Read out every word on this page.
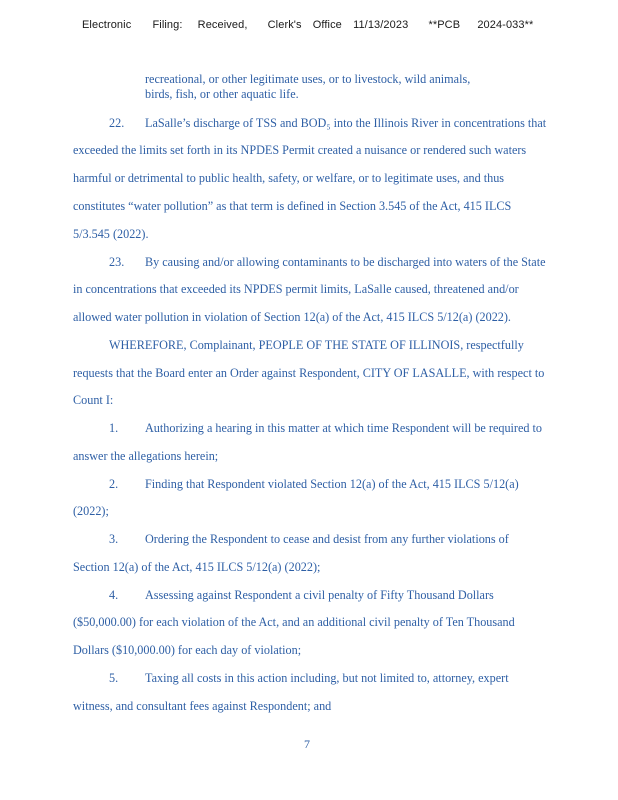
Electronic Filing: Received, Clerk's Office 11/13/2023 **PCB 2024-033**
recreational, or other legitimate uses, or to livestock, wild animals,
birds, fish, or other aquatic life.
22. LaSalle’s discharge of TSS and BOD₅ into the Illinois River in concentrations that
exceeded the limits set forth in its NPDES Permit created a nuisance or rendered such waters
harmful or detrimental to public health, safety, or welfare, or to legitimate uses, and thus
constitutes “water pollution” as that term is defined in Section 3.545 of the Act, 415 ILCS
5/3.545 (2022).
23. By causing and/or allowing contaminants to be discharged into waters of the State
in concentrations that exceeded its NPDES permit limits, LaSalle caused, threatened and/or
allowed water pollution in violation of Section 12(a) of the Act, 415 ILCS 5/12(a) (2022).
WHEREFORE, Complainant, PEOPLE OF THE STATE OF ILLINOIS, respectfully
requests that the Board enter an Order against Respondent, CITY OF LASALLE, with respect to
Count I:
1. Authorizing a hearing in this matter at which time Respondent will be required to
answer the allegations herein;
2. Finding that Respondent violated Section 12(a) of the Act, 415 ILCS 5/12(a)
(2022);
3. Ordering the Respondent to cease and desist from any further violations of
Section 12(a) of the Act, 415 ILCS 5/12(a) (2022);
4. Assessing against Respondent a civil penalty of Fifty Thousand Dollars
($50,000.00) for each violation of the Act, and an additional civil penalty of Ten Thousand
Dollars ($10,000.00) for each day of violation;
5. Taxing all costs in this action including, but not limited to, attorney, expert
witness, and consultant fees against Respondent; and
7
